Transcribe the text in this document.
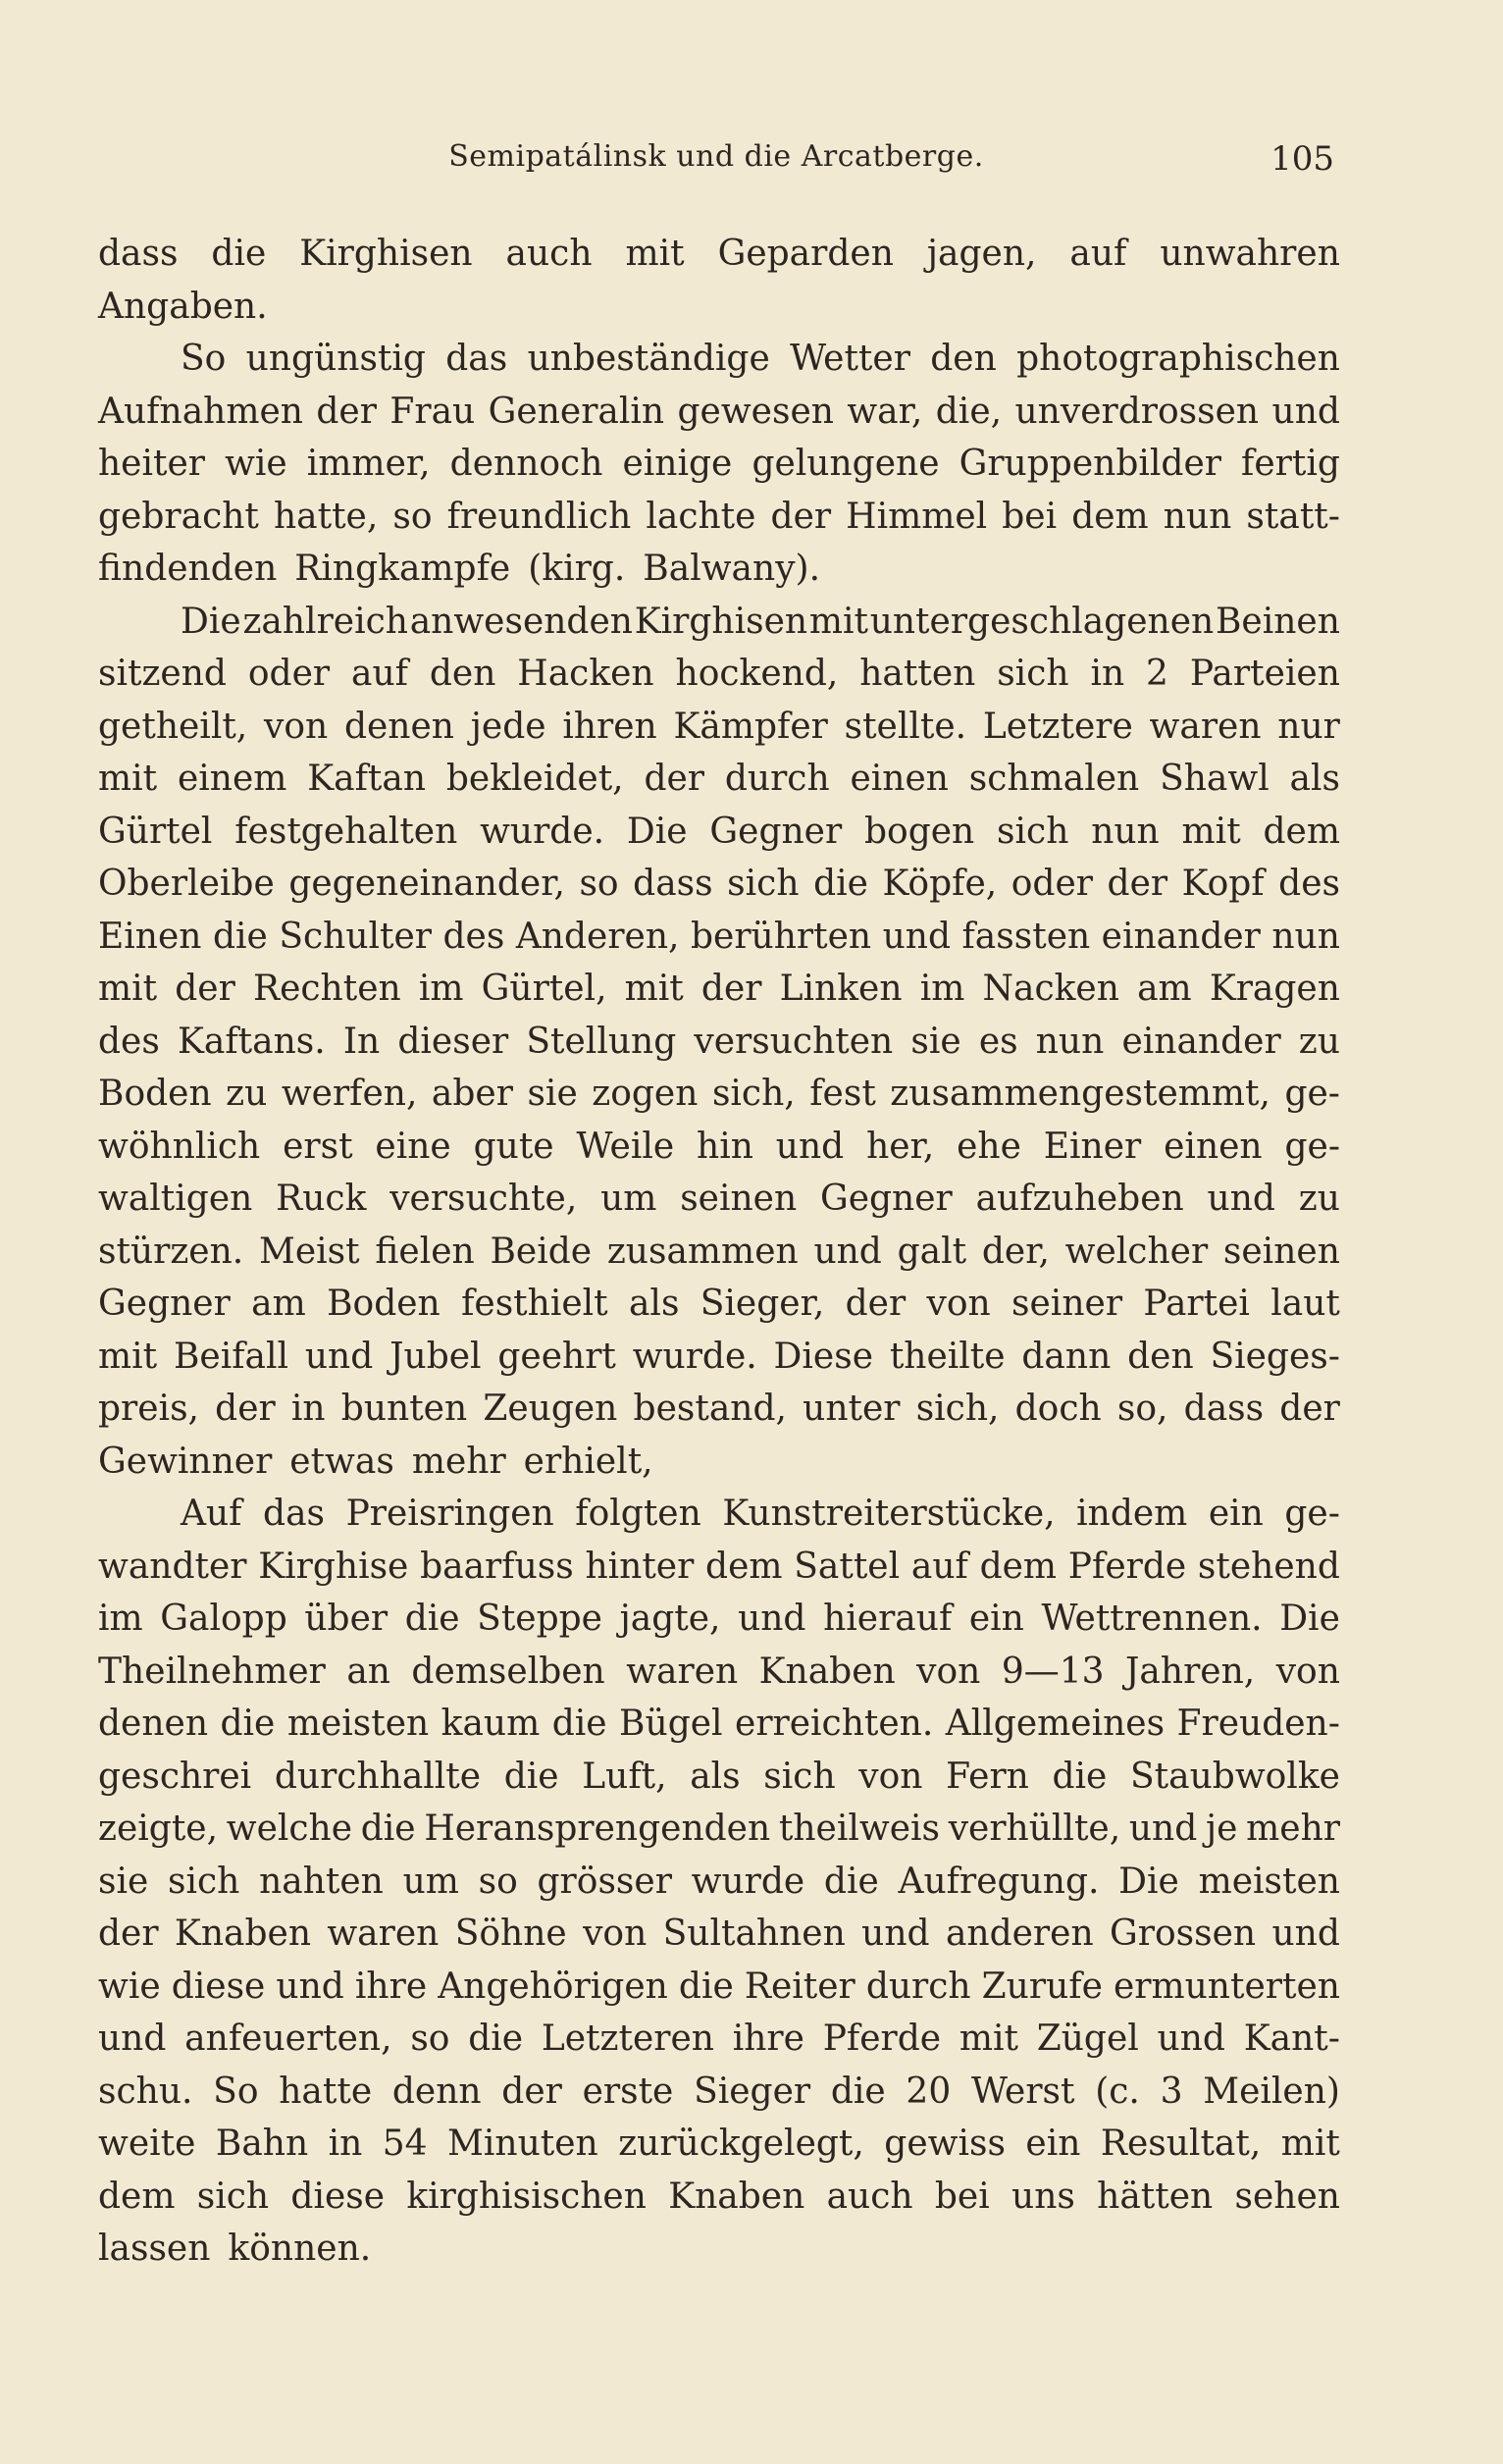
Semipatálinsk und die Arcatberge.	105
dass die Kirghisen auch mit Geparden jagen, auf unwahren
Angaben.
So ungünstig das unbeständige Wetter den photographischen
Aufnahmen der Frau Generalin gewesen war, die, unverdrossen und
heiter wie immer, dennoch einige gelungene Gruppenbilder fertig
gebracht hatte, so freundlich lachte der Himmel bei dem nun statt-
findenden Ringkampfe (kirg. Balwany).
Die zahlreich anwesenden Kirghisen mit untergeschlagenen Beinen
sitzend oder auf den Hacken hockend, hatten sich in 2 Parteien
getheilt, von denen jede ihren Kämpfer stellte. Letztere waren nur
mit einem Kaftan bekleidet, der durch einen schmalen Shawl als
Gürtel festgehalten wurde. Die Gegner bogen sich nun mit dem
Oberleibe gegeneinander, so dass sich die Köpfe, oder der Kopf des
Einen die Schulter des Anderen, berührten und fassten einander nun
mit der Rechten im Gürtel, mit der Linken im Nacken am Kragen
des Kaftans. In dieser Stellung versuchten sie es nun einander zu
Boden zu werfen, aber sie zogen sich, fest zusammengestemmt, ge-
wöhnlich erst eine gute Weile hin und her, ehe Einer einen ge-
waltigen Ruck versuchte, um seinen Gegner aufzuheben und zu
stürzen. Meist fielen Beide zusammen und galt der, welcher seinen
Gegner am Boden festhielt als Sieger, der von seiner Partei laut
mit Beifall und Jubel geehrt wurde. Diese theilte dann den Sieges-
preis, der in bunten Zeugen bestand, unter sich, doch so, dass der
Gewinner etwas mehr erhielt,
Auf das Preisringen folgten Kunstreiterstücke, indem ein ge-
wandter Kirghise baarfuss hinter dem Sattel auf dem Pferde stehend
im Galopp über die Steppe jagte, und hierauf ein Wettrennen. Die
Theilnehmer an demselben waren Knaben von 9—13 Jahren, von
denen die meisten kaum die Bügel erreichten. Allgemeines Freuden-
geschrei durchhallte die Luft, als sich von Fern die Staubwolke
zeigte, welche die Heransprengenden theilweis verhüllte, und je mehr
sie sich nahten um so grösser wurde die Aufregung. Die meisten
der Knaben waren Söhne von Sultahnen und anderen Grossen und
wie diese und ihre Angehörigen die Reiter durch Zurufe ermunterten
und anfeuerten, so die Letzteren ihre Pferde mit Zügel und Kant-
schu. So hatte denn der erste Sieger die 20 Werst (c. 3 Meilen)
weite Bahn in 54 Minuten zurückgelegt, gewiss ein Resultat, mit
dem sich diese kirghisischen Knaben auch bei uns hätten sehen
lassen können.
